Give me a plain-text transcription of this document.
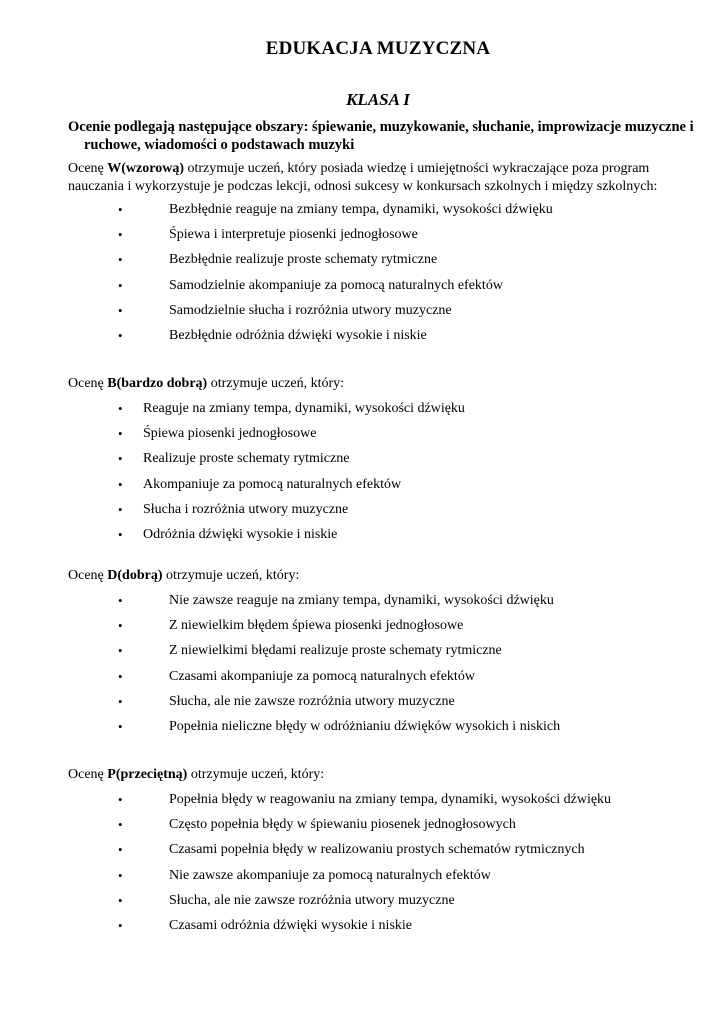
EDUKACJA MUZYCZNA
KLASA I
Ocenie podlegają następujące obszary: śpiewanie, muzykowanie, słuchanie, improwizacje muzyczne i ruchowe, wiadomości o podstawach muzyki
Ocenę W(wzorową) otrzymuje uczeń, który posiada wiedzę i umiejętności wykraczające poza program nauczania i wykorzystuje je podczas lekcji, odnosi sukcesy w konkursach szkolnych i między szkolnych:
•	Bezbłędnie reaguje na zmiany tempa, dynamiki, wysokości dźwięku
•	Śpiewa i interpretuje piosenki jednogłosowe
•	Bezbłędnie realizuje proste schematy rytmiczne
•	Samodzielnie akompaniuje za pomocą naturalnych efektów
•	Samodzielnie słucha i rozróżnia utwory muzyczne
•	Bezbłędnie odróżnia dźwięki wysokie i niskie
Ocenę B(bardzo dobrą) otrzymuje uczeń, który:
• Reaguje na zmiany tempa, dynamiki, wysokości dźwięku
• Śpiewa piosenki jednogłosowe
• Realizuje proste schematy rytmiczne
• Akompaniuje za pomocą naturalnych efektów
• Słucha i rozróżnia utwory muzyczne
• Odróżnia dźwięki wysokie i niskie
Ocenę D(dobrą) otrzymuje uczeń, który:
•	Nie zawsze reaguje na zmiany tempa, dynamiki, wysokości dźwięku
•	Z niewielkim błędem śpiewa piosenki jednogłosowe
•	Z niewielkimi błędami realizuje proste schematy rytmiczne
•	Czasami akompaniuje za pomocą naturalnych efektów
•	Słucha, ale nie zawsze rozróżnia utwory muzyczne
•	Popełnia nieliczne błędy w odróżnianiu dźwięków wysokich i niskich
Ocenę P(przeciętną) otrzymuje uczeń, który:
•	Popełnia błędy w reagowaniu na zmiany tempa, dynamiki, wysokości dźwięku
•	Często popełnia błędy w śpiewaniu piosenek jednogłosowych
•	Czasami popełnia błędy w realizowaniu prostych schematów rytmicznych
•	Nie zawsze akompaniuje za pomocą naturalnych efektów
•	Słucha, ale nie zawsze rozróżnia utwory muzyczne
•	Czasami odróżnia dźwięki wysokie i niskie
